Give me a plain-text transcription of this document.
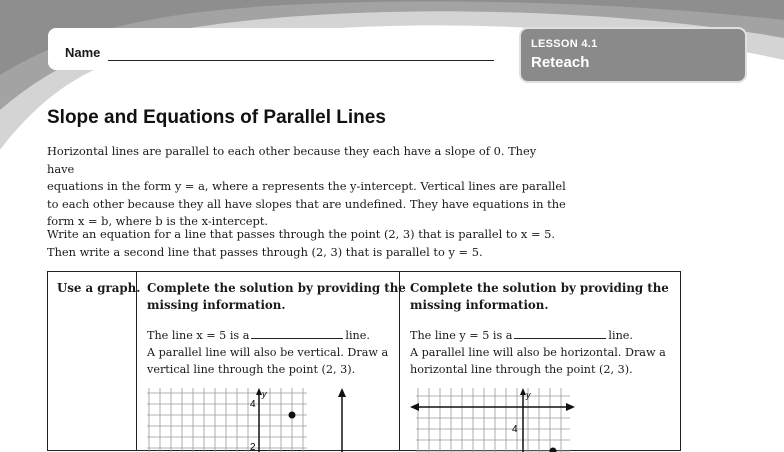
Name
LESSON 4.1
Reteach
Slope and Equations of Parallel Lines
Horizontal lines are parallel to each other because they each have a slope of 0. They have
equations in the form y = a, where a represents the y-intercept. Vertical lines are parallel
to each other because they all have slopes that are undefined. They have equations in the
form x = b, where b is the x-intercept.
Write an equation for a line that passes through the point (2, 3) that is parallel to x = 5.
Then write a second line that passes through (2, 3) that is parallel to y = 5.
Use a graph. Complete the solution by providing the
missing information.
The line x = 5 is a	line.
A parallel line will also be vertical. Draw a
vertical line through the point (2, 3).
y
4
2
Complete the solution by providing the
missing information.
The line y = 5 is a	line.
A parallel line will also be horizontal. Draw a
horizontal line through the point (2, 3).
y
4
